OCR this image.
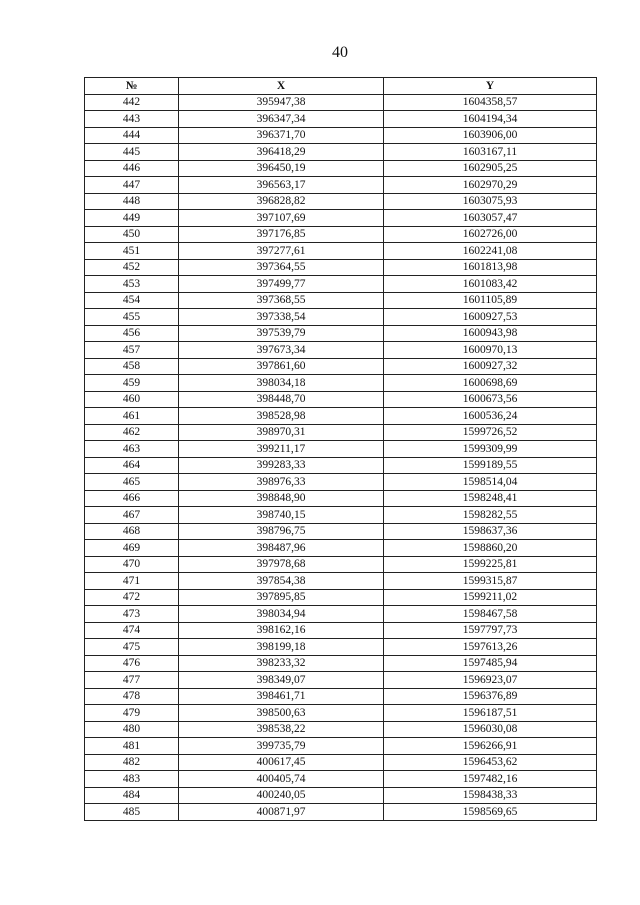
40
№	X	Y
442	395947,38	1604358,57
443	396347,34	1604194,34
444	396371,70	1603906,00
445	396418,29	1603167,11
446	396450,19	1602905,25
447	396563,17	1602970,29
448	396828,82	1603075,93
449	397107,69	1603057,47
450	397176,85	1602726,00
451	397277,61	1602241,08
452	397364,55	1601813,98
453	397499,77	1601083,42
454	397368,55	1601105,89
455	397338,54	1600927,53
456	397539,79	1600943,98
457	397673,34	1600970,13
458	397861,60	1600927,32
459	398034,18	1600698,69
460	398448,70	1600673,56
461	398528,98	1600536,24
462	398970,31	1599726,52
463	399211,17	1599309,99
464	399283,33	1599189,55
465	398976,33	1598514,04
466	398848,90	1598248,41
467	398740,15	1598282,55
468	398796,75	1598637,36
469	398487,96	1598860,20
470	397978,68	1599225,81
471	397854,38	1599315,87
472	397895,85	1599211,02
473	398034,94	1598467,58
474	398162,16	1597797,73
475	398199,18	1597613,26
476	398233,32	1597485,94
477	398349,07	1596923,07
478	398461,71	1596376,89
479	398500,63	1596187,51
480	398538,22	1596030,08
481	399735,79	1596266,91
482	400617,45	1596453,62
483	400405,74	1597482,16
484	400240,05	1598438,33
485	400871,97	1598569,65
